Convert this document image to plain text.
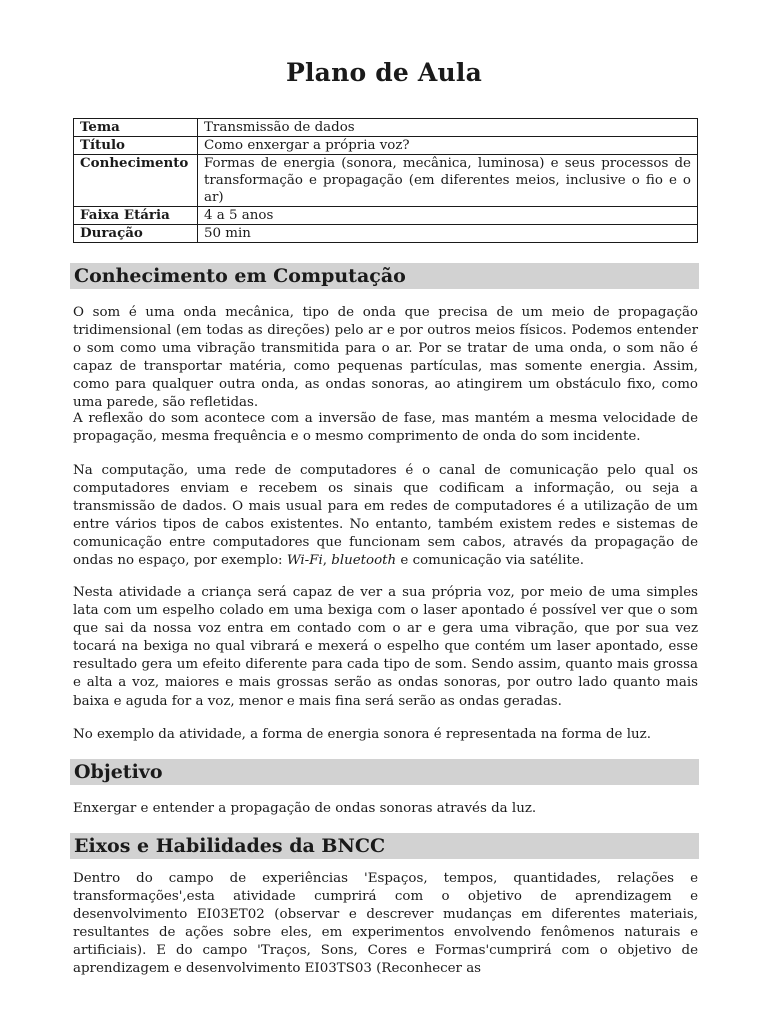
Plano de Aula
Tema	Transmissão de dados
Título	Como enxergar a própria voz?
Conhecimento	Formas de energia (sonora, mecânica, luminosa) e seus processos de transformação e propagação (em diferentes meios, inclusive o fio e o ar)
Faixa Etária	4 a 5 anos
Duração	50 min
Conhecimento em Computação

O som é uma onda mecânica, tipo de onda que precisa de um meio de propagação tridimensional (em todas as direções) pelo ar e por outros meios físicos. Podemos entender o som como uma vibração transmitida para o ar. Por se tratar de uma onda, o som não é capaz de transportar matéria, como pequenas partículas, mas somente energia. Assim, como para qualquer outra onda, as ondas sonoras, ao atingirem um obstáculo fixo, como uma parede, são refletidas.

A reflexão do som acontece com a inversão de fase, mas mantém a mesma velocidade de propagação, mesma frequência e o mesmo comprimento de onda do som incidente.

Na computação, uma rede de computadores é o canal de comunicação pelo qual os computadores enviam e recebem os sinais que codificam a informação, ou seja a transmissão de dados. O mais usual para em redes de computadores é a utilização de um entre vários tipos de cabos existentes. No entanto, também existem redes e sistemas de comunicação entre computadores que funcionam sem cabos, através da propagação de ondas no espaço, por exemplo: Wi-Fi, bluetooth e comunicação via satélite.

Nesta atividade a criança será capaz de ver a sua própria voz, por meio de uma simples lata com um espelho colado em uma bexiga com o laser apontado é possível ver que o som que sai da nossa voz entra em contado com o ar e gera uma vibração, que por sua vez tocará na bexiga no qual vibrará e mexerá o espelho que contém um laser apontado, esse resultado gera um efeito diferente para cada tipo de som. Sendo assim, quanto mais grossa e alta a voz, maiores e mais grossas serão as ondas sonoras, por outro lado quanto mais baixa e aguda for a voz, menor e mais fina será serão as ondas geradas.

No exemplo da atividade, a forma de energia sonora é representada na forma de luz.

Objetivo

Enxergar e entender a propagação de ondas sonoras através da luz.

Eixos e Habilidades da BNCC

Dentro do campo de experiências 'Espaços, tempos, quantidades, relações e transformações',esta atividade cumprirá com o objetivo de aprendizagem e desenvolvimento EI03ET02 (observar e descrever mudanças em diferentes materiais, resultantes de ações sobre eles, em experimentos envolvendo fenômenos naturais e artificiais). E do campo 'Traços, Sons, Cores e Formas'cumprirá com o objetivo de aprendizagem e desenvolvimento EI03TS03 (Reconhecer as
